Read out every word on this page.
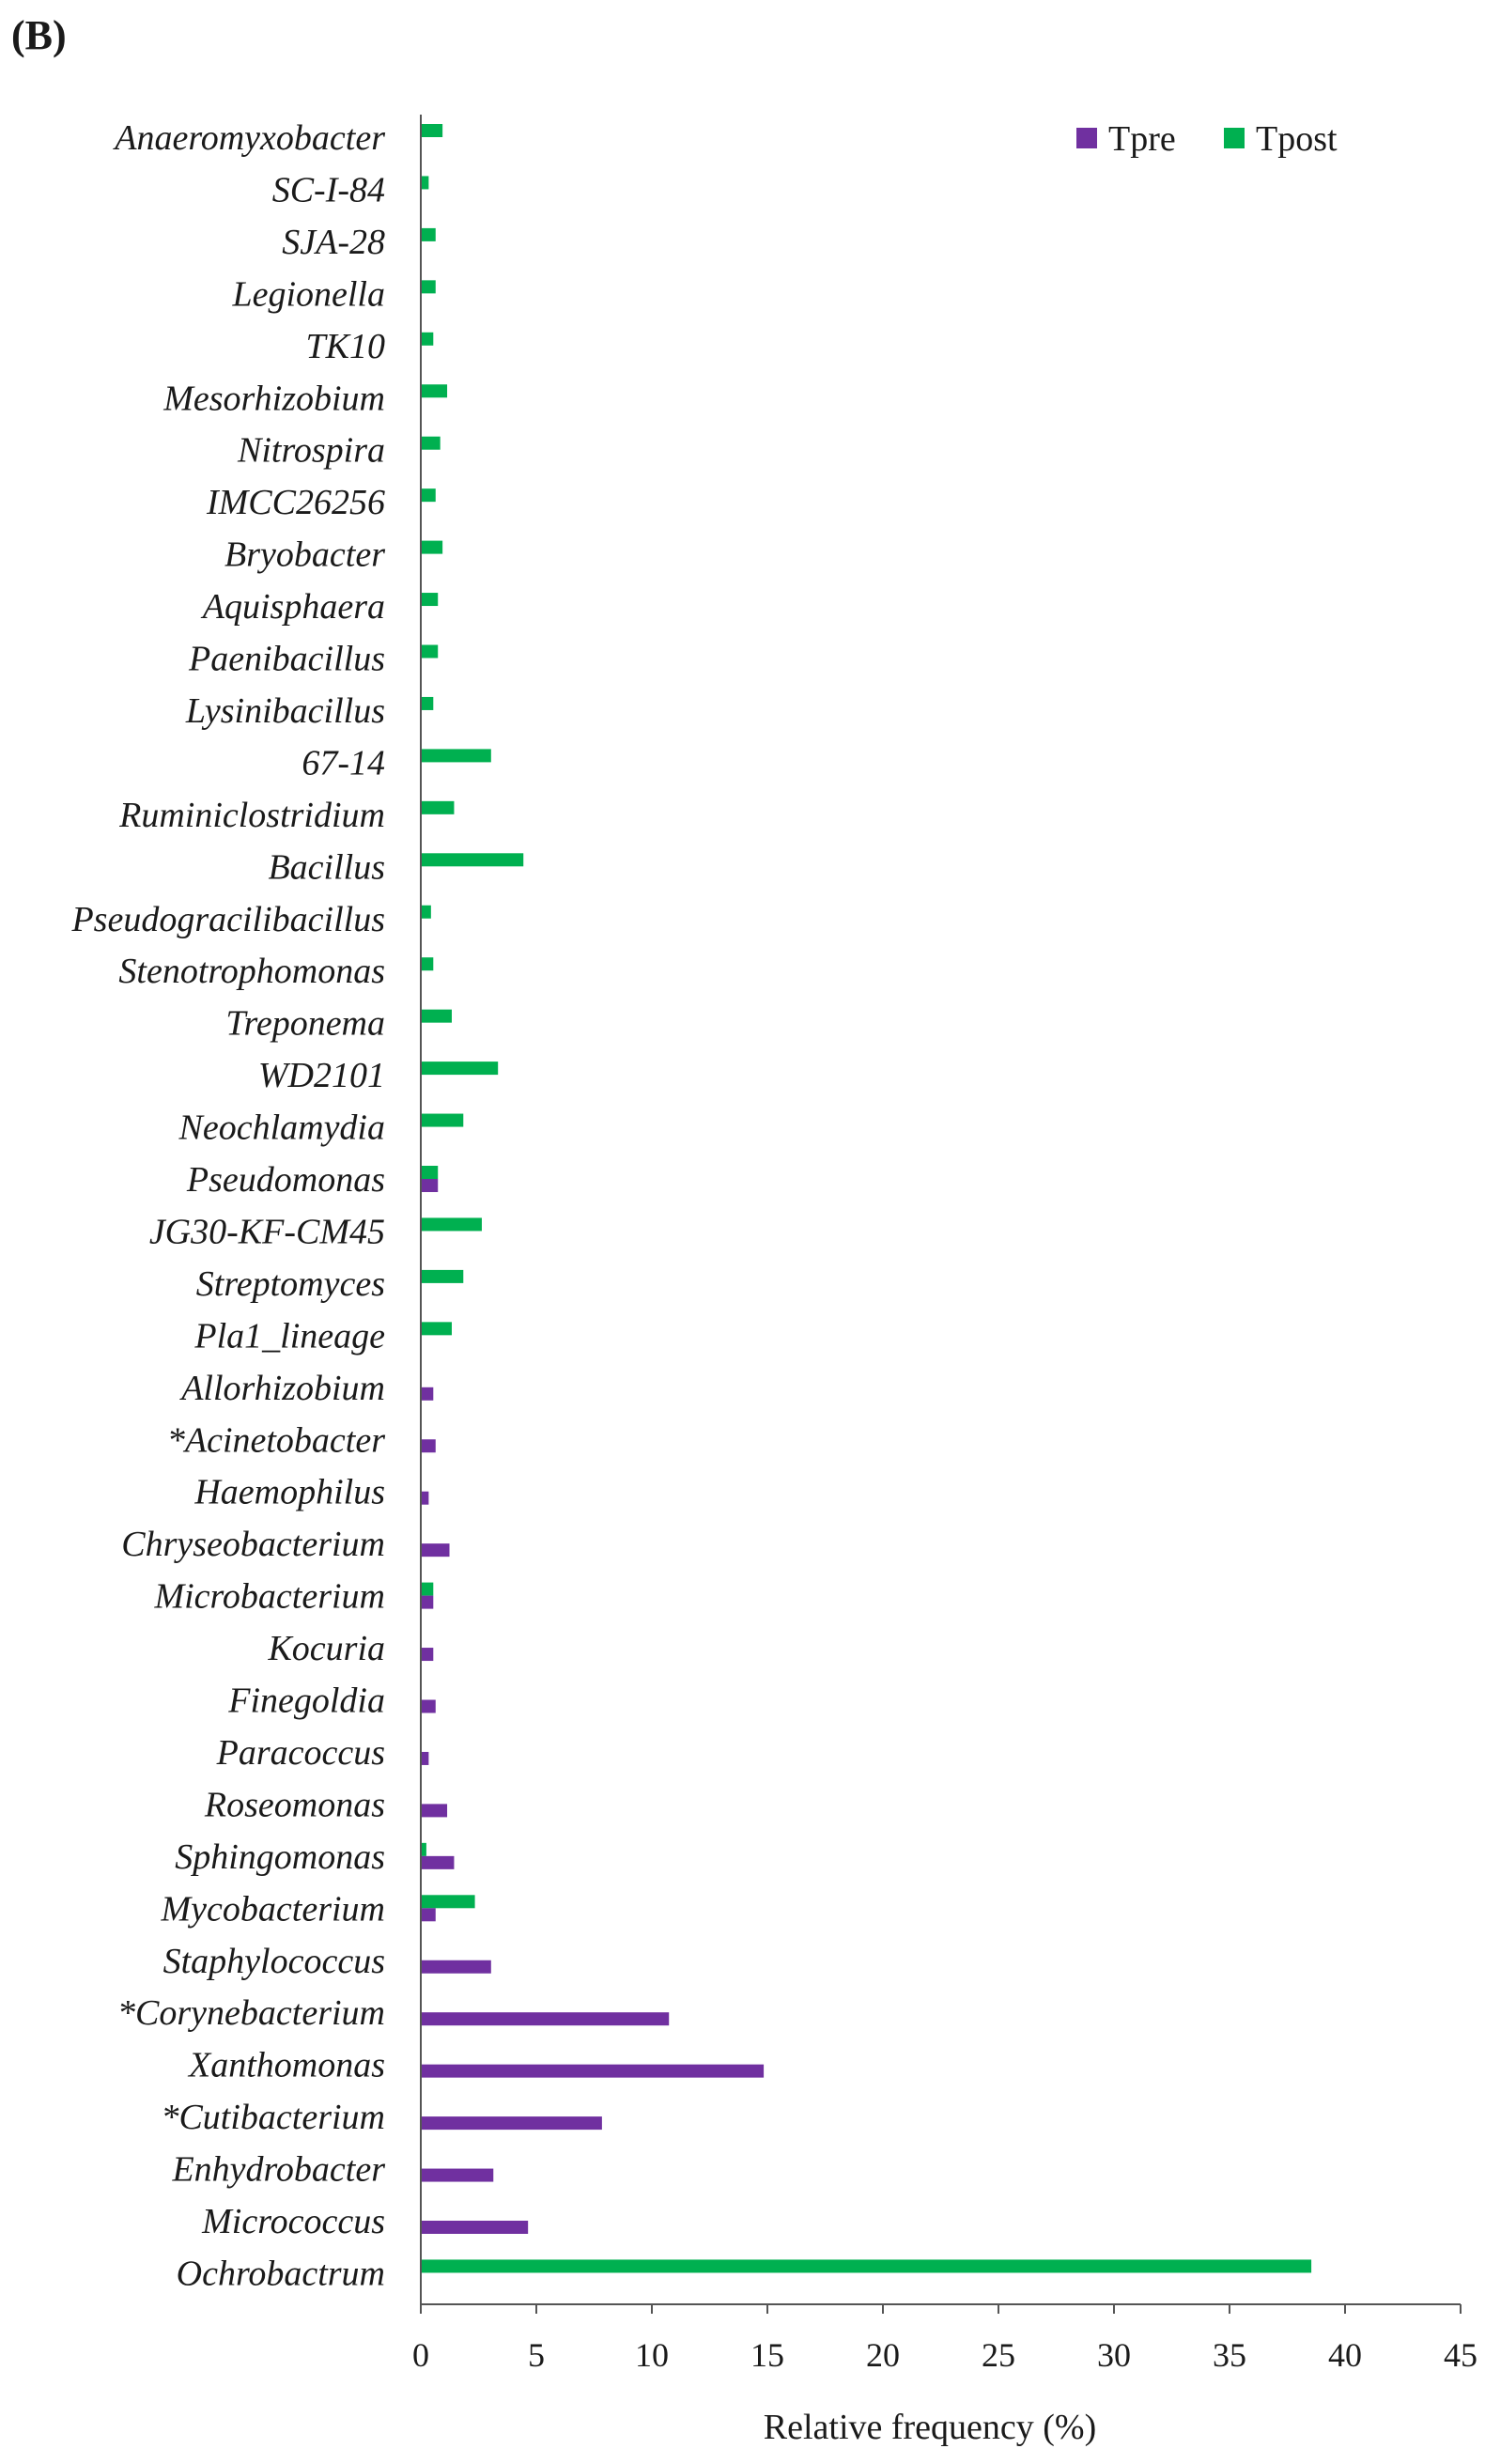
(B)
Anaeromyxobacter
SC-I-84
SJA-28
Legionella
TK10
Mesorhizobium
Nitrospira
IMCC26256
Bryobacter
Aquisphaera
Paenibacillus
Lysinibacillus
67-14
Ruminiclostridium
Bacillus
Pseudogracilibacillus
Stenotrophomonas
Treponema
WD2101
Neochlamydia
Pseudomonas
JG30-KF-CM45
Streptomyces
Pla1_lineage
Allorhizobium
*Acinetobacter
Haemophilus
Chryseobacterium
Microbacterium
Kocuria
Finegoldia
Paracoccus
Roseomonas
Sphingomonas
Mycobacterium
Staphylococcus
*Corynebacterium
Xanthomonas
*Cutibacterium
Enhydrobacter
Micrococcus
Ochrobactrum
0	5	10 15 20 25 30 35 40 45
Relative frequency (%)
Tpre Tpost
